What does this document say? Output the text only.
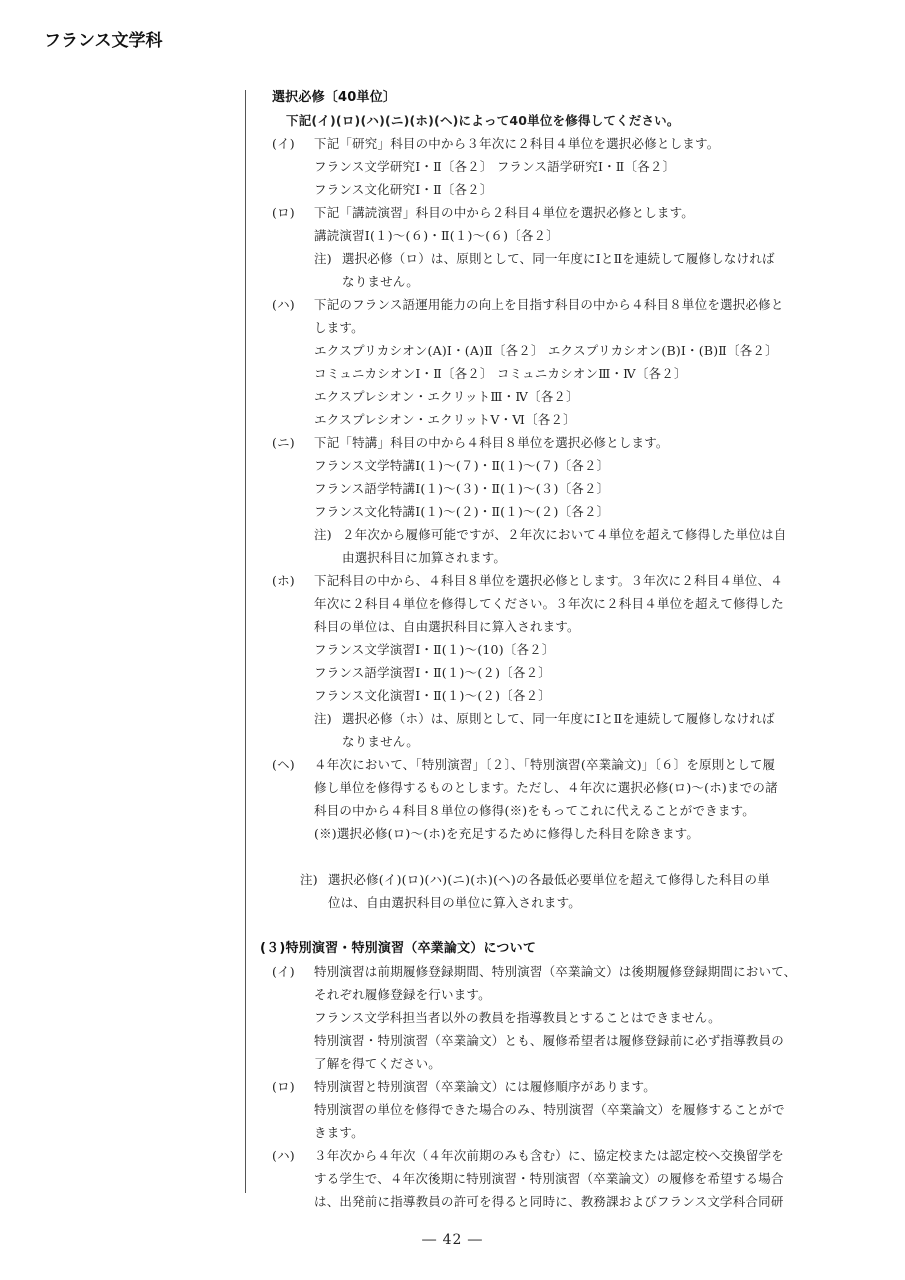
フランス文学科
選択必修〔40単位〕
下記(イ)(ロ)(ハ)(ニ)(ホ)(ヘ)によって40単位を修得してください。
(イ) 下記「研究」科目の中から３年次に２科目４単位を選択必修とします。
フランス文学研究Ⅰ・Ⅱ〔各２〕 フランス語学研究Ⅰ・Ⅱ〔各２〕
フランス文化研究Ⅰ・Ⅱ〔各２〕
(ロ) 下記「講読演習」科目の中から２科目４単位を選択必修とします。
講読演習Ⅰ(１)～(６)・Ⅱ(１)～(６)〔各２〕
注) 選択必修（ロ）は、原則として、同一年度にⅠとⅡを連続して履修しなければ
なりません。
(ハ) 下記のフランス語運用能力の向上を目指す科目の中から４科目８単位を選択必修と
します。
エクスプリカシオン(A)Ⅰ・(A)Ⅱ〔各２〕 エクスプリカシオン(B)Ⅰ・(B)Ⅱ〔各２〕
コミュニカシオンⅠ・Ⅱ〔各２〕 コミュニカシオンⅢ・Ⅳ〔各２〕
エクスプレシオン・エクリットⅢ・Ⅳ〔各２〕
エクスプレシオン・エクリットⅤ・Ⅵ〔各２〕
(ニ) 下記「特講」科目の中から４科目８単位を選択必修とします。
フランス文学特講Ⅰ(１)～(７)・Ⅱ(１)～(７)〔各２〕
フランス語学特講Ⅰ(１)～(３)・Ⅱ(１)～(３)〔各２〕
フランス文化特講Ⅰ(１)～(２)・Ⅱ(１)～(２)〔各２〕
注) ２年次から履修可能ですが、２年次において４単位を超えて修得した単位は自
由選択科目に加算されます。
(ホ) 下記科目の中から、４科目８単位を選択必修とします。３年次に２科目４単位、４
年次に２科目４単位を修得してください。３年次に２科目４単位を超えて修得した
科目の単位は、自由選択科目に算入されます。
フランス文学演習Ⅰ・Ⅱ(１)～(10)〔各２〕
フランス語学演習Ⅰ・Ⅱ(１)～(２)〔各２〕
フランス文化演習Ⅰ・Ⅱ(１)～(２)〔各２〕
注) 選択必修（ホ）は、原則として、同一年度にⅠとⅡを連続して履修しなければ
なりません。
(ヘ) ４年次において、「特別演習」〔２〕、「特別演習(卒業論文)」〔６〕を原則として履
修し単位を修得するものとします。ただし、４年次に選択必修(ロ)～(ホ)までの諸
科目の中から４科目８単位の修得(※)をもってこれに代えることができます。
(※)選択必修(ロ)～(ホ)を充足するために修得した科目を除きます。
注) 選択必修(イ)(ロ)(ハ)(ニ)(ホ)(ヘ)の各最低必要単位を超えて修得した科目の単
位は、自由選択科目の単位に算入されます。
(３)特別演習・特別演習（卒業論文）について
(イ) 特別演習は前期履修登録期間、特別演習（卒業論文）は後期履修登録期間において、
それぞれ履修登録を行います。
フランス文学科担当者以外の教員を指導教員とすることはできません。
特別演習・特別演習（卒業論文）とも、履修希望者は履修登録前に必ず指導教員の
了解を得てください。
(ロ) 特別演習と特別演習（卒業論文）には履修順序があります。
特別演習の単位を修得できた場合のみ、特別演習（卒業論文）を履修することがで
きます。
(ハ) ３年次から４年次（４年次前期のみも含む）に、協定校または認定校へ交換留学を
する学生で、４年次後期に特別演習・特別演習（卒業論文）の履修を希望する場合
は、出発前に指導教員の許可を得ると同時に、教務課およびフランス文学科合同研
― 42 ―
